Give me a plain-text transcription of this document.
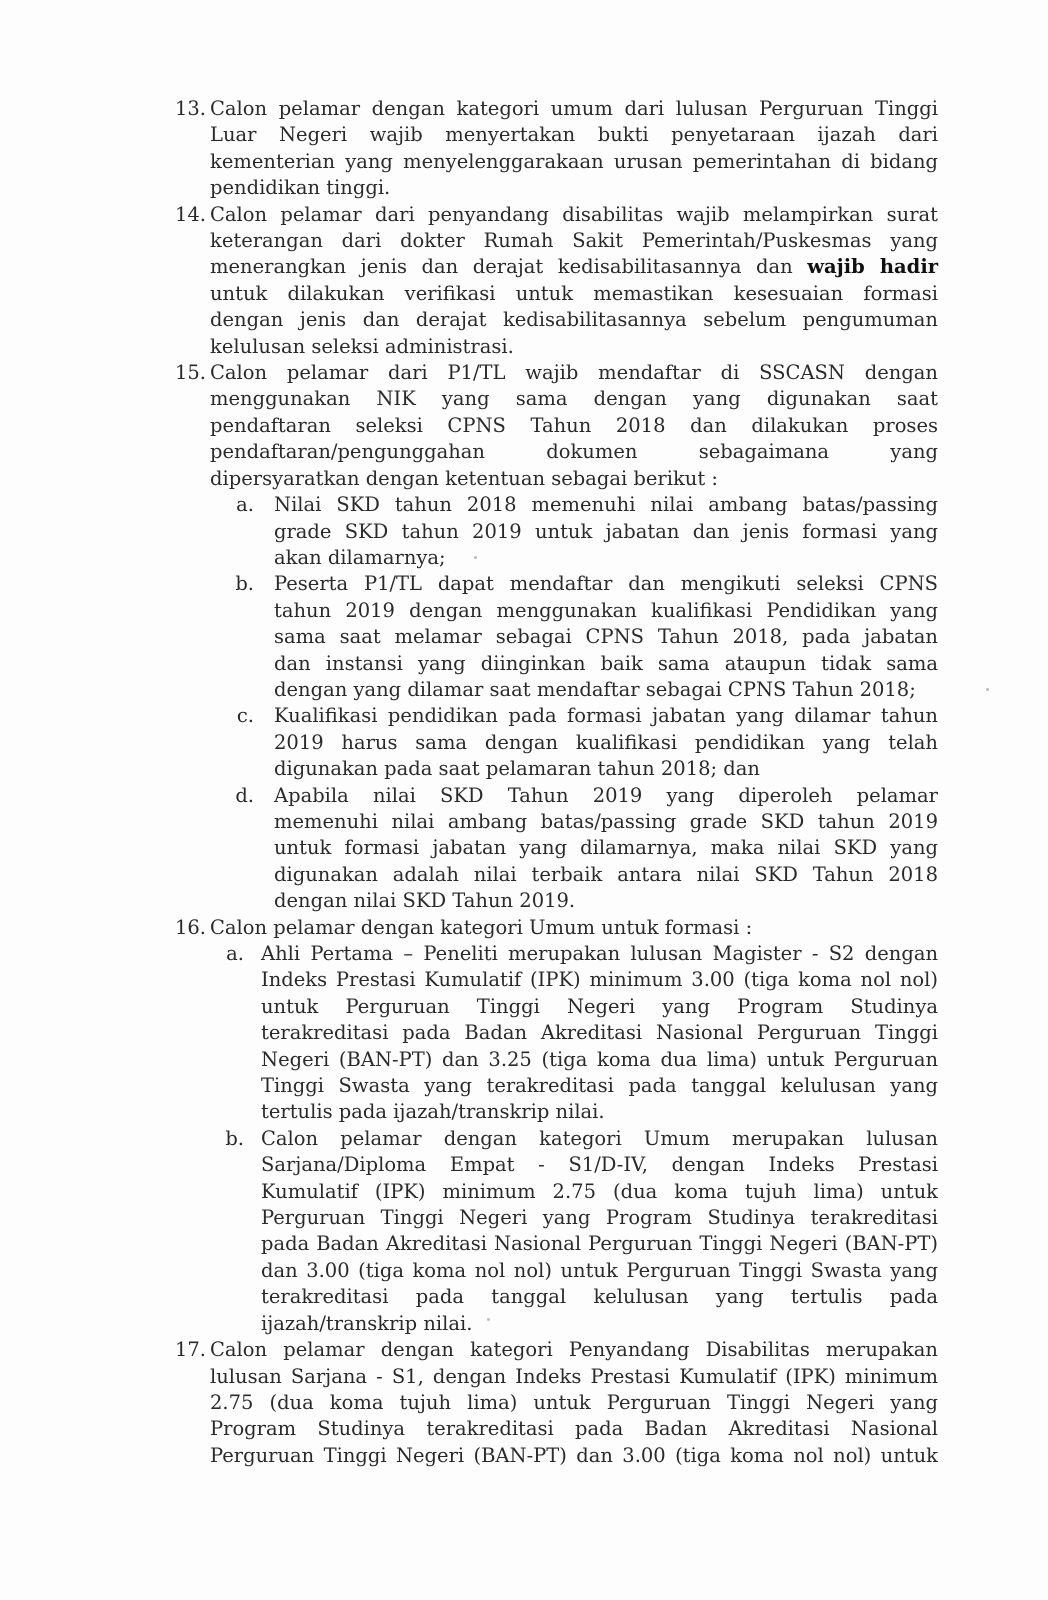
13. Calon pelamar dengan kategori umum dari lulusan Perguruan Tinggi
Luar Negeri wajib menyertakan bukti penyetaraan ijazah dari
kementerian yang menyelenggarakaan urusan pemerintahan di bidang
pendidikan tinggi.
14. Calon pelamar dari penyandang disabilitas wajib melampirkan surat
keterangan dari dokter Rumah Sakit Pemerintah/Puskesmas yang
menerangkan jenis dan derajat kedisabilitasannya dan wajib hadir
untuk dilakukan verifikasi untuk memastikan kesesuaian formasi
dengan jenis dan derajat kedisabilitasannya sebelum pengumuman
kelulusan seleksi administrasi.
15. Calon pelamar dari P1/TL wajib mendaftar di SSCASN dengan
menggunakan NIK yang sama dengan yang digunakan saat
pendaftaran seleksi CPNS Tahun 2018 dan dilakukan proses
pendaftaran/pengunggahan dokumen sebagaimana yang
dipersyaratkan dengan ketentuan sebagai berikut :
a. Nilai SKD tahun 2018 memenuhi nilai ambang batas/passing
grade SKD tahun 2019 untuk jabatan dan jenis formasi yang
akan dilamarnya;
b. Peserta P1/TL dapat mendaftar dan mengikuti seleksi CPNS
tahun 2019 dengan menggunakan kualifikasi Pendidikan yang
sama saat melamar sebagai CPNS Tahun 2018, pada jabatan
dan instansi yang diinginkan baik sama ataupun tidak sama
dengan yang dilamar saat mendaftar sebagai CPNS Tahun 2018;
c. Kualifikasi pendidikan pada formasi jabatan yang dilamar tahun
2019 harus sama dengan kualifikasi pendidikan yang telah
digunakan pada saat pelamaran tahun 2018; dan
d. Apabila nilai SKD Tahun 2019 yang diperoleh pelamar
memenuhi nilai ambang batas/passing grade SKD tahun 2019
untuk formasi jabatan yang dilamarnya, maka nilai SKD yang
digunakan adalah nilai terbaik antara nilai SKD Tahun 2018
dengan nilai SKD Tahun 2019.
16. Calon pelamar dengan kategori Umum untuk formasi :
a. Ahli Pertama – Peneliti merupakan lulusan Magister - S2 dengan
Indeks Prestasi Kumulatif (IPK) minimum 3.00 (tiga koma nol nol)
untuk Perguruan Tinggi Negeri yang Program Studinya
terakreditasi pada Badan Akreditasi Nasional Perguruan Tinggi
Negeri (BAN-PT) dan 3.25 (tiga koma dua lima) untuk Perguruan
Tinggi Swasta yang terakreditasi pada tanggal kelulusan yang
tertulis pada ijazah/transkrip nilai.
b. Calon pelamar dengan kategori Umum merupakan lulusan
Sarjana/Diploma Empat - S1/D-IV, dengan Indeks Prestasi
Kumulatif (IPK) minimum 2.75 (dua koma tujuh lima) untuk
Perguruan Tinggi Negeri yang Program Studinya terakreditasi
pada Badan Akreditasi Nasional Perguruan Tinggi Negeri (BAN-PT)
dan 3.00 (tiga koma nol nol) untuk Perguruan Tinggi Swasta yang
terakreditasi pada tanggal kelulusan yang tertulis pada
ijazah/transkrip nilai.
17. Calon pelamar dengan kategori Penyandang Disabilitas merupakan
lulusan Sarjana - S1, dengan Indeks Prestasi Kumulatif (IPK) minimum
2.75 (dua koma tujuh lima) untuk Perguruan Tinggi Negeri yang
Program Studinya terakreditasi pada Badan Akreditasi Nasional
Perguruan Tinggi Negeri (BAN-PT) dan 3.00 (tiga koma nol nol) untuk
